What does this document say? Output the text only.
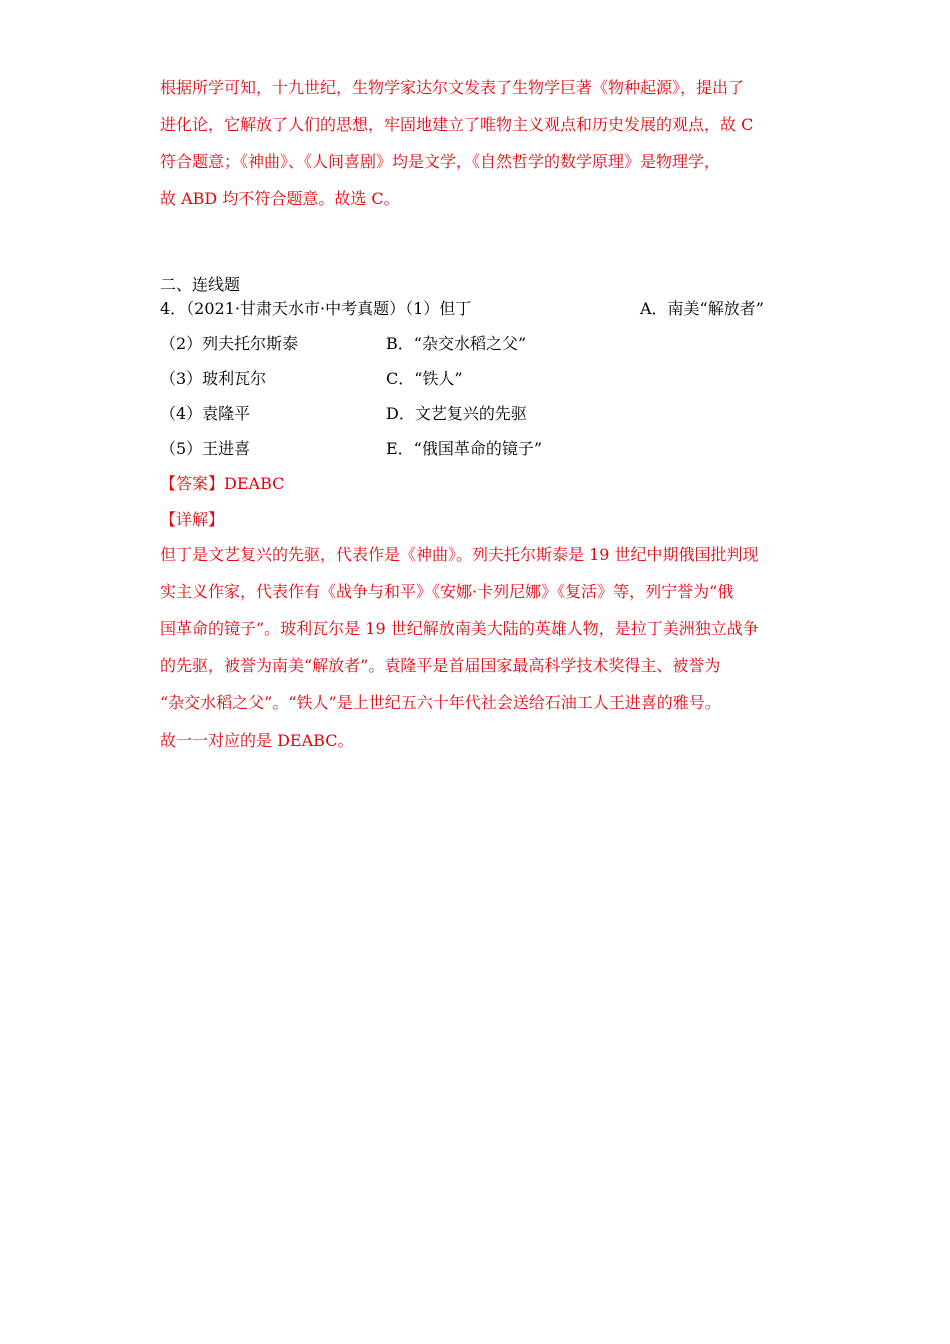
根据所学可知，十九世纪，生物学家达尔文发表了生物学巨著《物种起源》，提出了
进化论，它解放了人们的思想，牢固地建立了唯物主义观点和历史发展的观点，故 C
符合题意；《神曲》、《人间喜剧》均是文学，《自然哲学的数学原理》是物理学，
故 ABD 均不符合题意。故选 C。
二、连线题
4．（2021·甘肃天水市·中考真题）（1）但丁	A．南美“解放者”
（2）列夫托尔斯泰	B．“杂交水稻之父”
（3）玻利瓦尔	C．“铁人”
（4）袁隆平	D．文艺复兴的先驱
（5）王进喜	E．“俄国革命的镜子”
【答案】DEABC
【详解】
但丁是文艺复兴的先驱，代表作是《神曲》。列夫托尔斯泰是 19 世纪中期俄国批判现
实主义作家，代表作有《战争与和平》《安娜·卡列尼娜》《复活》等，列宁誉为“俄
国革命的镜子”。玻利瓦尔是 19 世纪解放南美大陆的英雄人物，是拉丁美洲独立战争
的先驱，被誉为南美“解放者”。袁隆平是首届国家最高科学技术奖得主、被誉为
“杂交水稻之父”。“铁人”是上世纪五六十年代社会送给石油工人王进喜的雅号。
故一一对应的是 DEABC。
